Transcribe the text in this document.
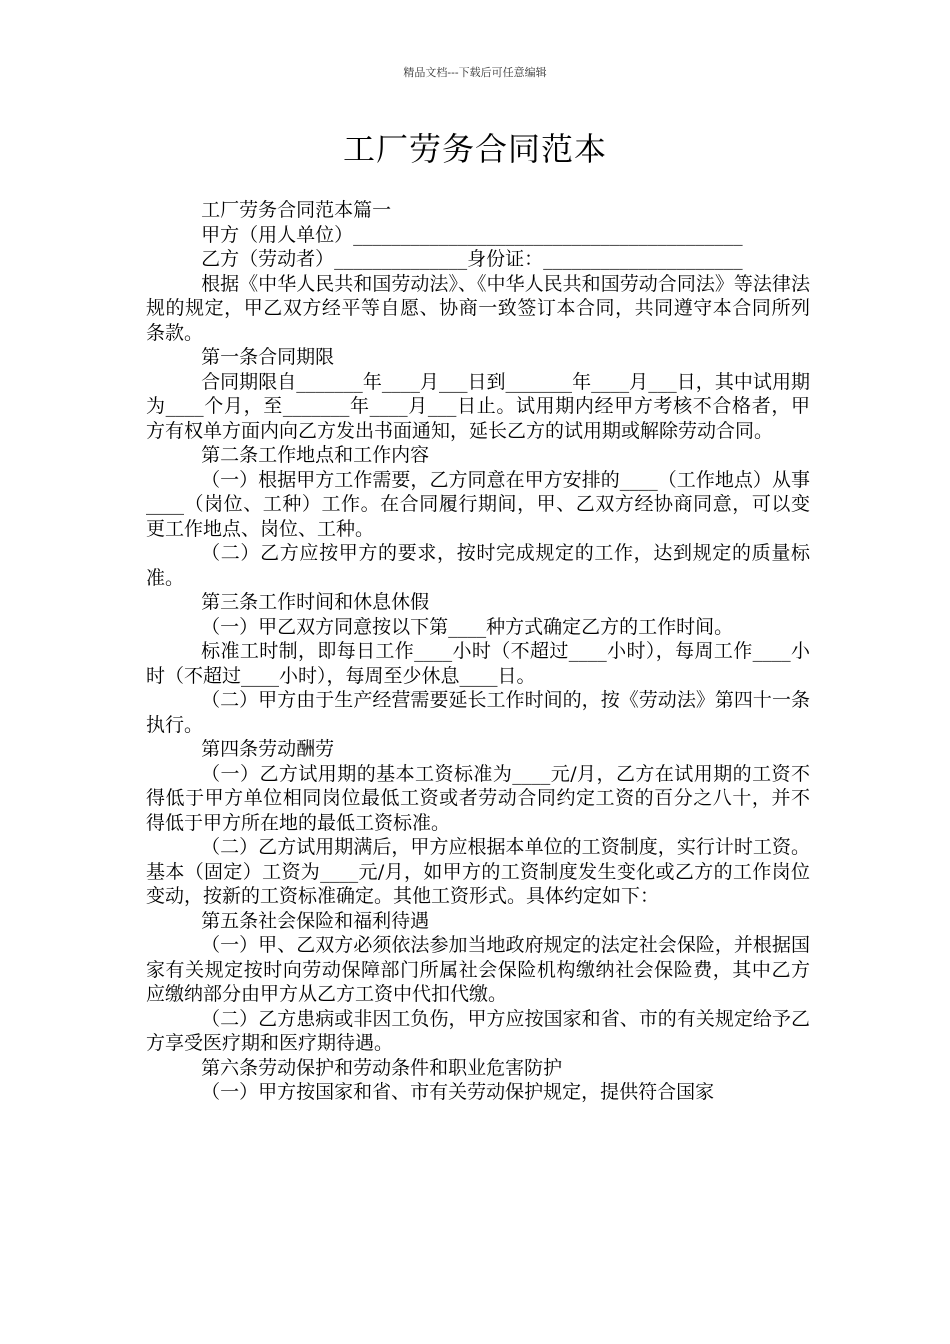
精品文档---下载后可任意编辑
工厂劳务合同范本

工厂劳务合同范本篇一

甲方（用人单位）_________________________________________

乙方（劳动者）______________身份证：_____________________

根据《中华人民共和国劳动法》、《中华人民共和国劳动合同法》等法律法规的规定，甲乙双方经平等自愿、协商一致签订本合同，共同遵守本合同所列条款。

第一条合同期限

合同期限自_______年____月___日到_______年____月___日，其中试用期为____个月，至_______年____月___日止。试用期内经甲方考核不合格者，甲方有权单方面内向乙方发出书面通知，延长乙方的试用期或解除劳动合同。

第二条工作地点和工作内容

（一）根据甲方工作需要，乙方同意在甲方安排的____（工作地点）从事____（岗位、工种）工作。在合同履行期间，甲、乙双方经协商同意，可以变更工作地点、岗位、工种。

（二）乙方应按甲方的要求，按时完成规定的工作，达到规定的质量标准。

第三条工作时间和休息休假

（一）甲乙双方同意按以下第____种方式确定乙方的工作时间。

标准工时制，即每日工作____小时（不超过____小时），每周工作____小时（不超过____小时），每周至少休息____日。

（二）甲方由于生产经营需要延长工作时间的，按《劳动法》第四十一条执行。

第四条劳动酬劳

（一）乙方试用期的基本工资标准为____元/月，乙方在试用期的工资不得低于甲方单位相同岗位最低工资或者劳动合同约定工资的百分之八十，并不得低于甲方所在地的最低工资标准。

（二）乙方试用期满后，甲方应根据本单位的工资制度，实行计时工资。基本（固定）工资为____元/月，如甲方的工资制度发生变化或乙方的工作岗位变动，按新的工资标准确定。其他工资形式。具体约定如下：

第五条社会保险和福利待遇

（一）甲、乙双方必须依法参加当地政府规定的法定社会保险，并根据国家有关规定按时向劳动保障部门所属社会保险机构缴纳社会保险费，其中乙方应缴纳部分由甲方从乙方工资中代扣代缴。

（二）乙方患病或非因工负伤，甲方应按国家和省、市的有关规定给予乙方享受医疗期和医疗期待遇。

第六条劳动保护和劳动条件和职业危害防护

（一）甲方按国家和省、市有关劳动保护规定，提供符合国家
